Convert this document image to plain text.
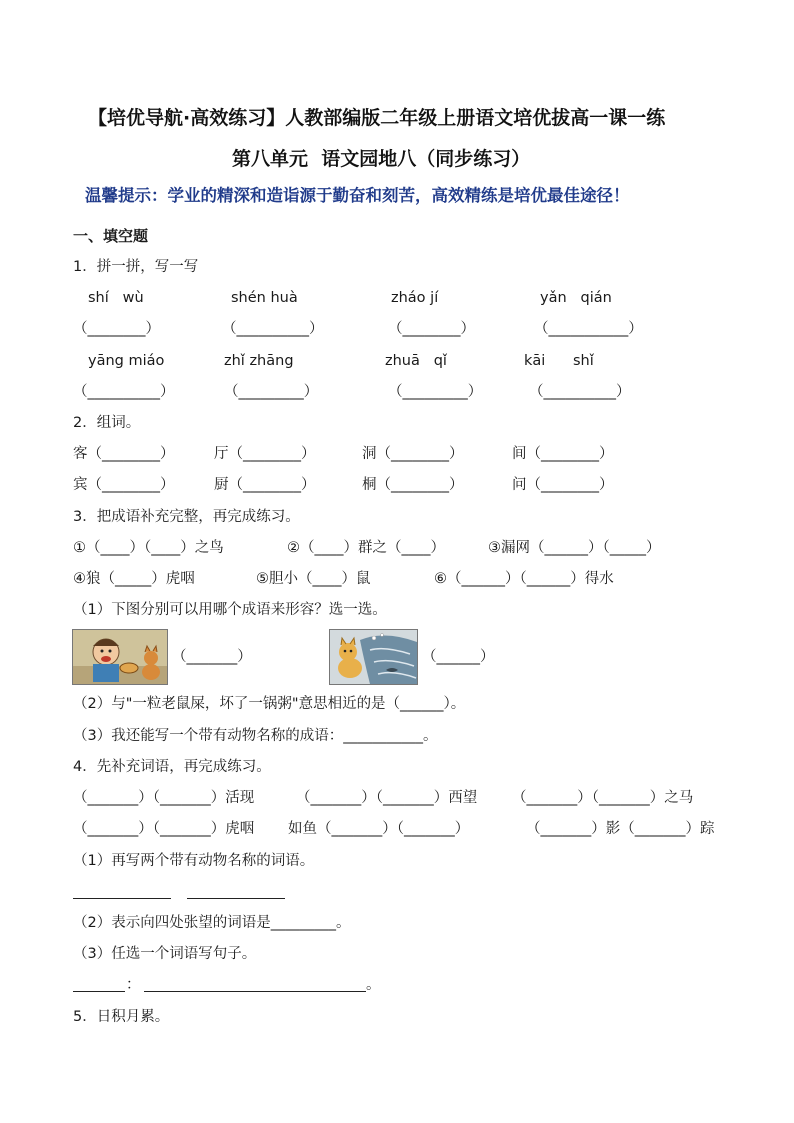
【培优导航·高效练习】人教部编版二年级上册语文培优拔高一课一练
第八单元  语文园地八（同步练习）
温馨提示：学业的精深和造诣源于勤奋和刻苦，高效精练是培优最佳途径！
一、填空题
1．拼一拼，写一写
shí   wù	shén huà	zháo jí	yǎn   qián
（________）	（__________）	（________）	（___________）
yāng miáo	zhǐ zhāng	zhuā   qǐ	kāi      shǐ
（__________）	（_________）	（_________）	（__________）
2．组词。
客（________）	厅（________）	洞（________）	间（________）
宾（________）	厨（________）	桐（________）	问（________）
3．把成语补充完整，再完成练习。
①（____）（____）之鸟	②（____）群之（____）	③漏网（______）（_____）
④狼（_____）虎咽	⑤胆小（____）鼠	⑥（______）（______）得水
（1）下图分别可以用哪个成语来形容？选一选。
（_______）	（______）
（2）与"一粒老鼠屎，坏了一锅粥"意思相近的是（______）。
（3）我还能写一个带有动物名称的成语：___________。
4．先补充词语，再完成练习。
（_______）（_______）活现	（_______）（_______）西望 （_______）（_______）之马
（_______）（_______）虎咽 如鱼（_______）（_______）	（_______）影（_______）踪
（1）再写两个带有动物名称的词语。
（2）表示向四处张望的词语是_________。
（3）任选一个词语写句子。
：	。
5．日积月累。
